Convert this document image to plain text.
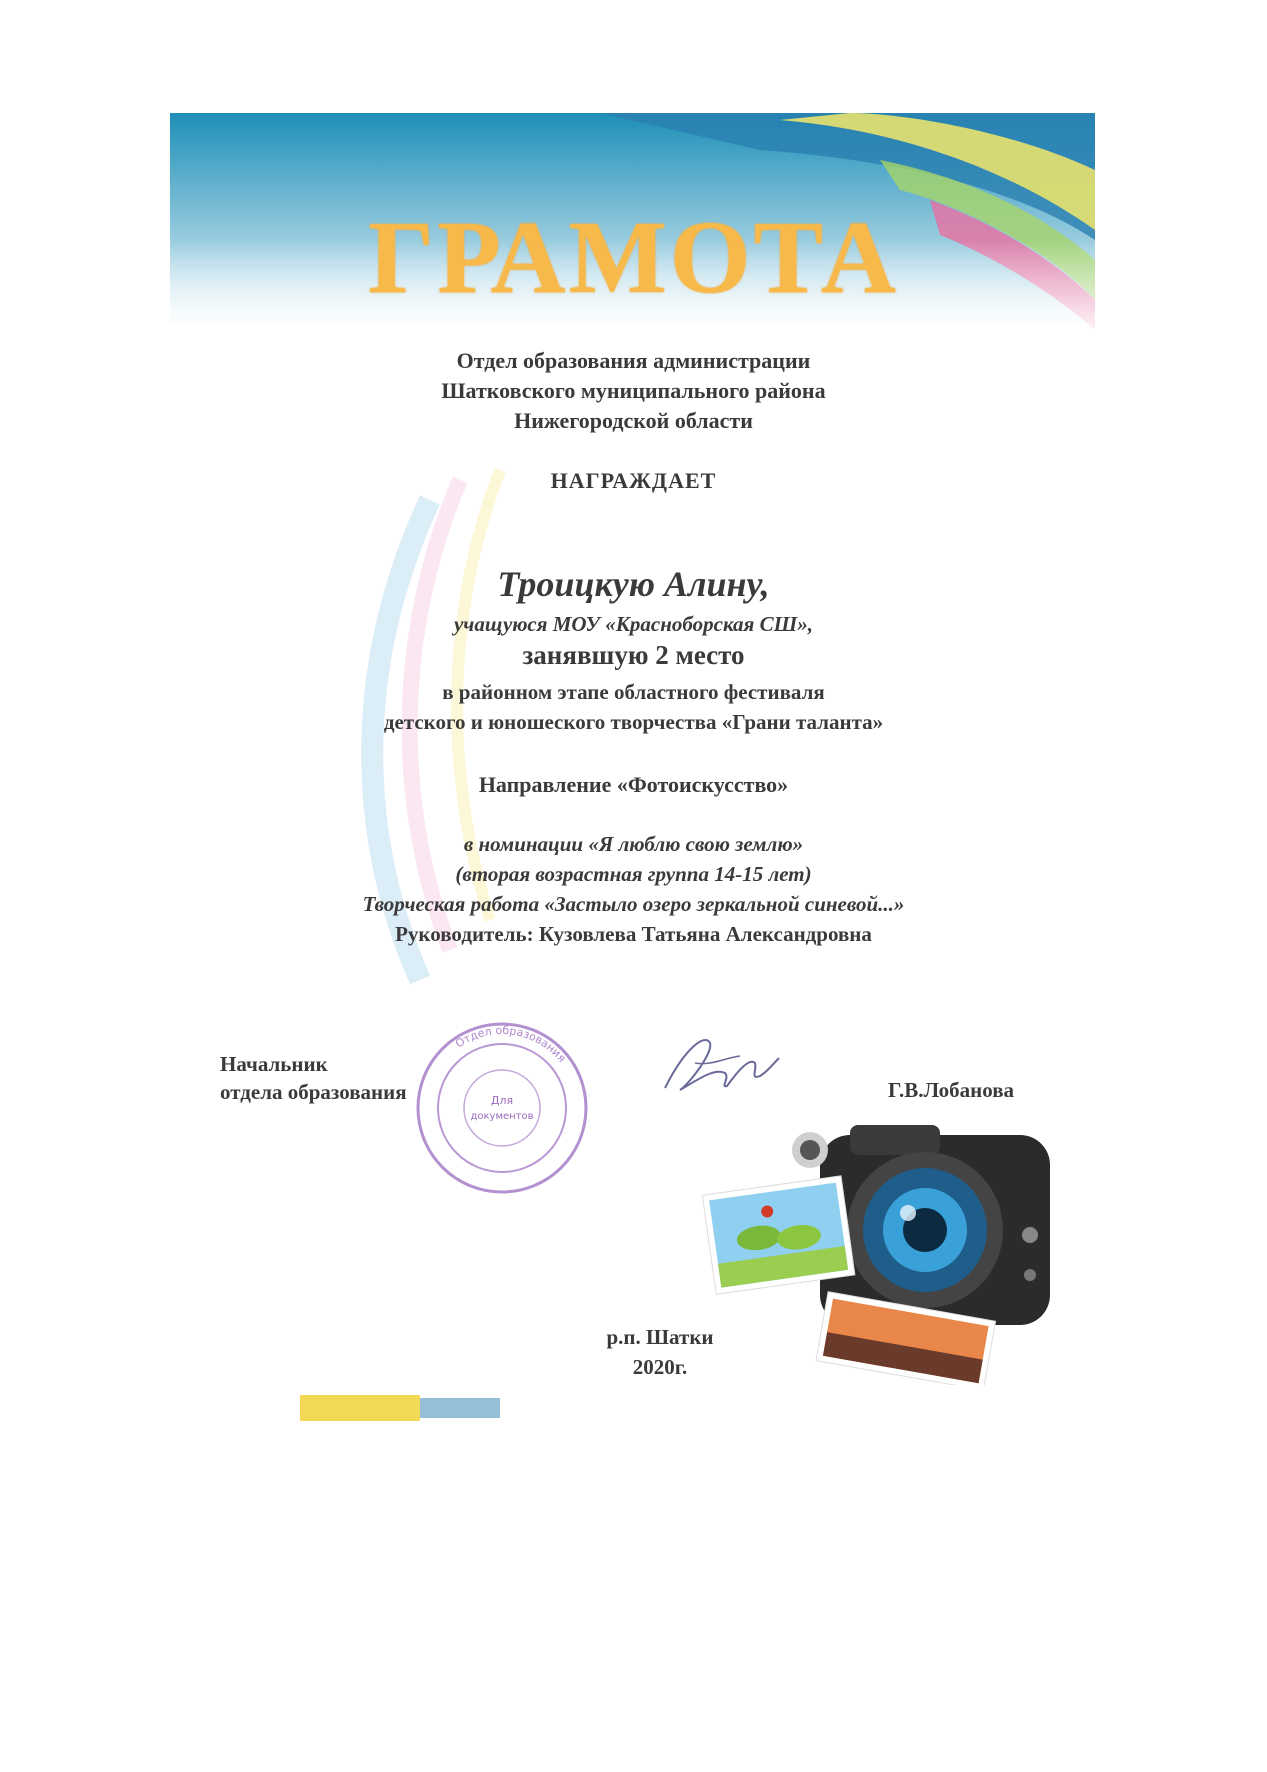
ГРАМОТА
Отдел образования администрации
Шатковского муниципального района
Нижегородской области
НАГРАЖДАЕТ
Троицкую Алину,
учащуюся МОУ «Красноборская СШ»,
занявшую 2 место
в районном этапе областного фестиваля
детского и юношеского творчества «Грани таланта»
Направление «Фотоискусство»
в номинации «Я люблю свою землю»
(вторая возрастная группа 14-15 лет)
Творческая работа «Застыло озеро зеркальной синевой...»
Руководитель: Кузовлева Татьяна Александровна
Начальник
отдела образования
Отдел образования
Для
документов
Г.В.Лобанова
р.п. Шатки
2020г.
